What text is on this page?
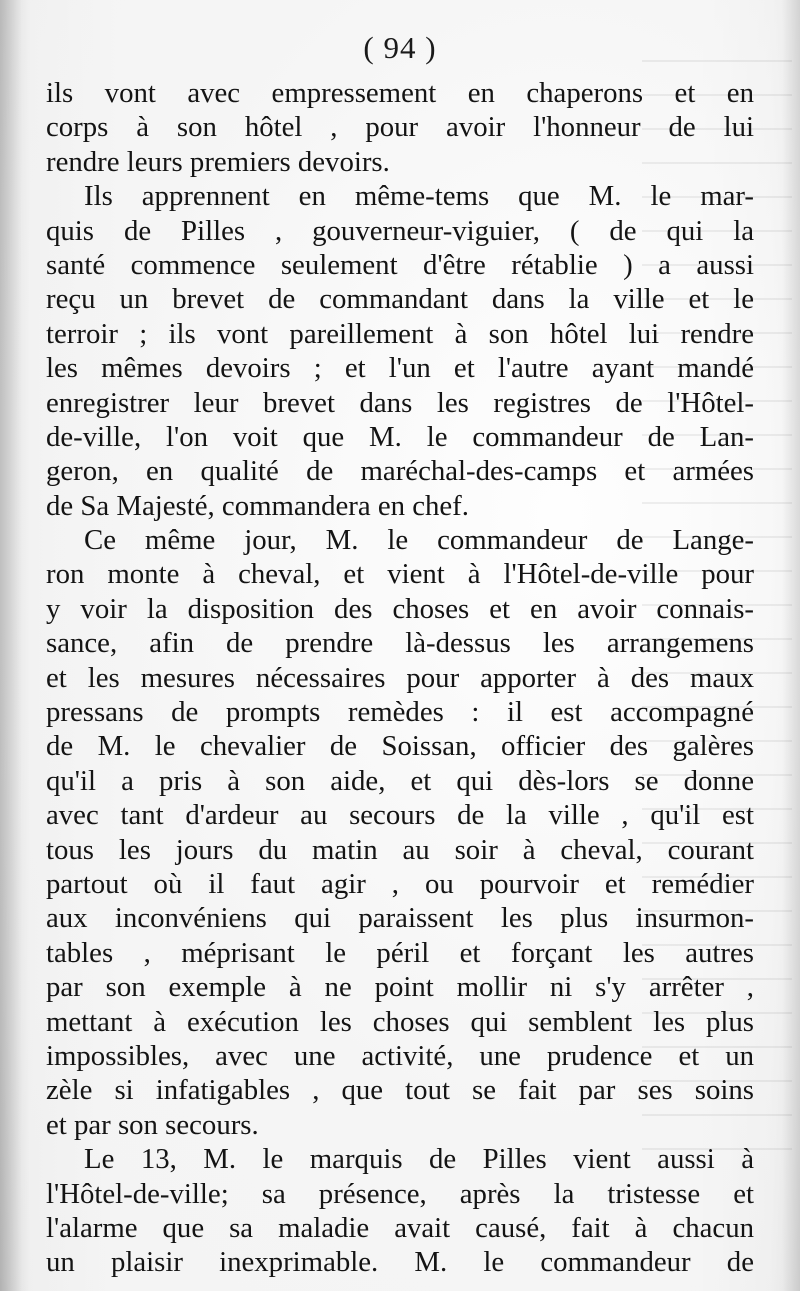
( 94 )
ils vont avec empressement en chaperons et en
corps à son hôtel , pour avoir l'honneur de lui
rendre leurs premiers devoirs.
Ils apprennent en même-tems que M. le mar-
quis de Pilles , gouverneur-viguier, ( de qui la
santé commence seulement d'être rétablie ) a aussi
reçu un brevet de commandant dans la ville et le
terroir ; ils vont pareillement à son hôtel lui rendre
les mêmes devoirs ; et l'un et l'autre ayant mandé
enregistrer leur brevet dans les registres de l'Hôtel-
de-ville, l'on voit que M. le commandeur de Lan-
geron, en qualité de maréchal-des-camps et armées
de Sa Majesté, commandera en chef.
Ce même jour, M. le commandeur de Lange-
ron monte à cheval, et vient à l'Hôtel-de-ville pour
y voir la disposition des choses et en avoir connais-
sance, afin de prendre là-dessus les arrangemens
et les mesures nécessaires pour apporter à des maux
pressans de prompts remèdes : il est accompagné
de M. le chevalier de Soissan, officier des galères
qu'il a pris à son aide, et qui dès-lors se donne
avec tant d'ardeur au secours de la ville , qu'il est
tous les jours du matin au soir à cheval, courant
partout où il faut agir , ou pourvoir et remédier
aux inconvéniens qui paraissent les plus insurmon-
tables , méprisant le péril et forçant les autres
par son exemple à ne point mollir ni s'y arrêter ,
mettant à exécution les choses qui semblent les plus
impossibles, avec une activité, une prudence et un
zèle si infatigables , que tout se fait par ses soins
et par son secours.
Le 13, M. le marquis de Pilles vient aussi à
l'Hôtel-de-ville; sa présence, après la tristesse et
l'alarme que sa maladie avait causé, fait à chacun
un plaisir inexprimable. M. le commandeur de
